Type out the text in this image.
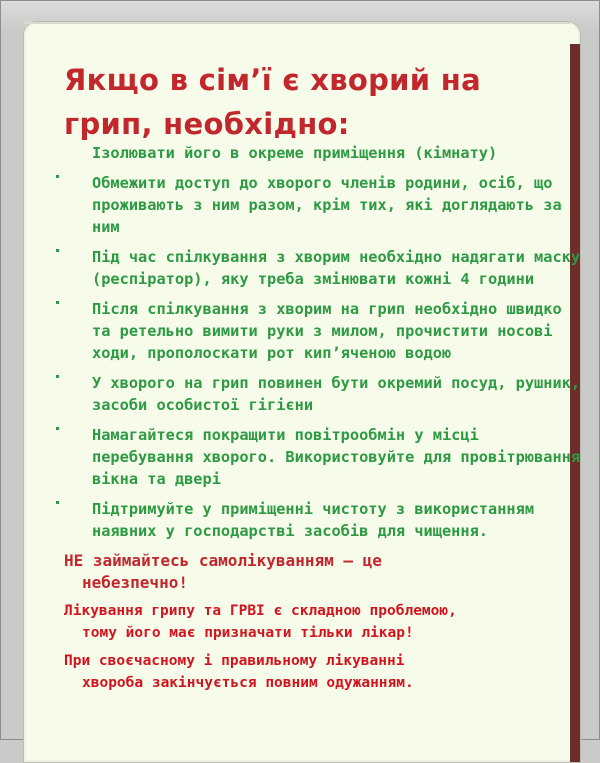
Якщо в сім’ї є хворий на грип, необхідно:
Ізолювати його в окреме приміщення (кімнату)
Обмежити доступ до хворого членів родини, осіб, що проживають з ним разом, крім тих, які доглядають за ним
Під час спілкування з хворим необхідно надягати маску (респіратор), яку треба змінювати кожні 4 години
Після спілкування з хворим на грип необхідно швидко та ретельно вимити руки з милом, прочистити носові ходи, прополоскати рот кип’яченою водою
У хворого на грип повинен бути окремий посуд, рушник, засоби особистої гігієни
Намагайтеся покращити повітрообмін у місці перебування хворого. Використовуйте для провітрювання вікна та двері
Підтримуйте у приміщенні чистоту з використанням наявних у господарстві засобів для чищення.
НЕ займайтесь самолікуванням – це
небезпечно!
Лікування грипу та ГРВІ є складною проблемою,
тому його має призначати тільки лікар!
При своєчасному і правильному лікуванні
хвороба закінчується повним одужанням.
